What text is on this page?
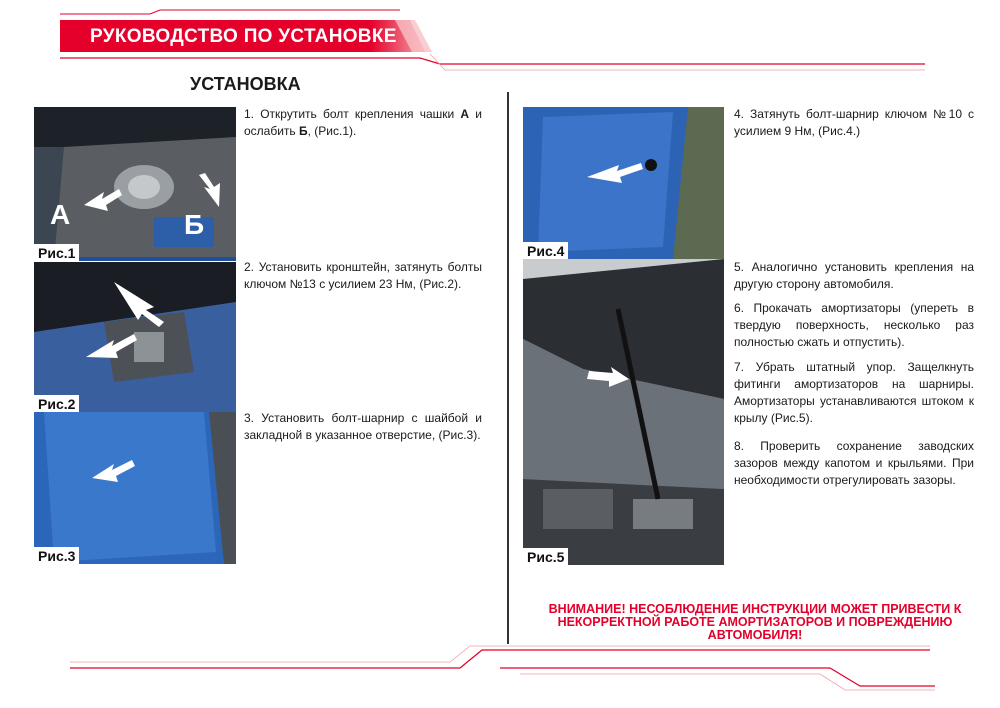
РУКОВОДСТВО ПО УСТАНОВКЕ
УСТАНОВКА
А	Б
Рис.1
Рис.2
Рис.3
1. Открутить болт крепления чашки А и ослабить Б, (Рис.1).
2. Установить кронштейн, затянуть болты ключом №13 с усилием 23 Нм, (Рис.2).
3. Установить болт-шарнир с шайбой и закладной в указанное отверстие, (Рис.3).
Рис.4
Рис.5
4. Затянуть болт-шарнир ключом №10 с усилием 9 Нм, (Рис.4.)
5. Аналогично установить крепления на другую сторону автомобиля.
6. Прокачать амортизаторы (упереть в твердую поверхность, несколько раз полностью сжать и отпустить).
7. Убрать штатный упор. Защелкнуть фитинги амортизаторов на шарниры. Амортизаторы устанавливаются штоком к крылу (Рис.5).
8. Проверить сохранение заводских зазоров между капотом и крыльями. При необходимости отрегулировать зазоры.
ВНИМАНИЕ! НЕСОБЛЮДЕНИЕ ИНСТРУКЦИИ МОЖЕТ ПРИВЕСТИ К НЕКОРРЕКТНОЙ РАБОТЕ АМОРТИЗАТОРОВ И ПОВРЕЖДЕНИЮ АВТОМОБИЛЯ!
